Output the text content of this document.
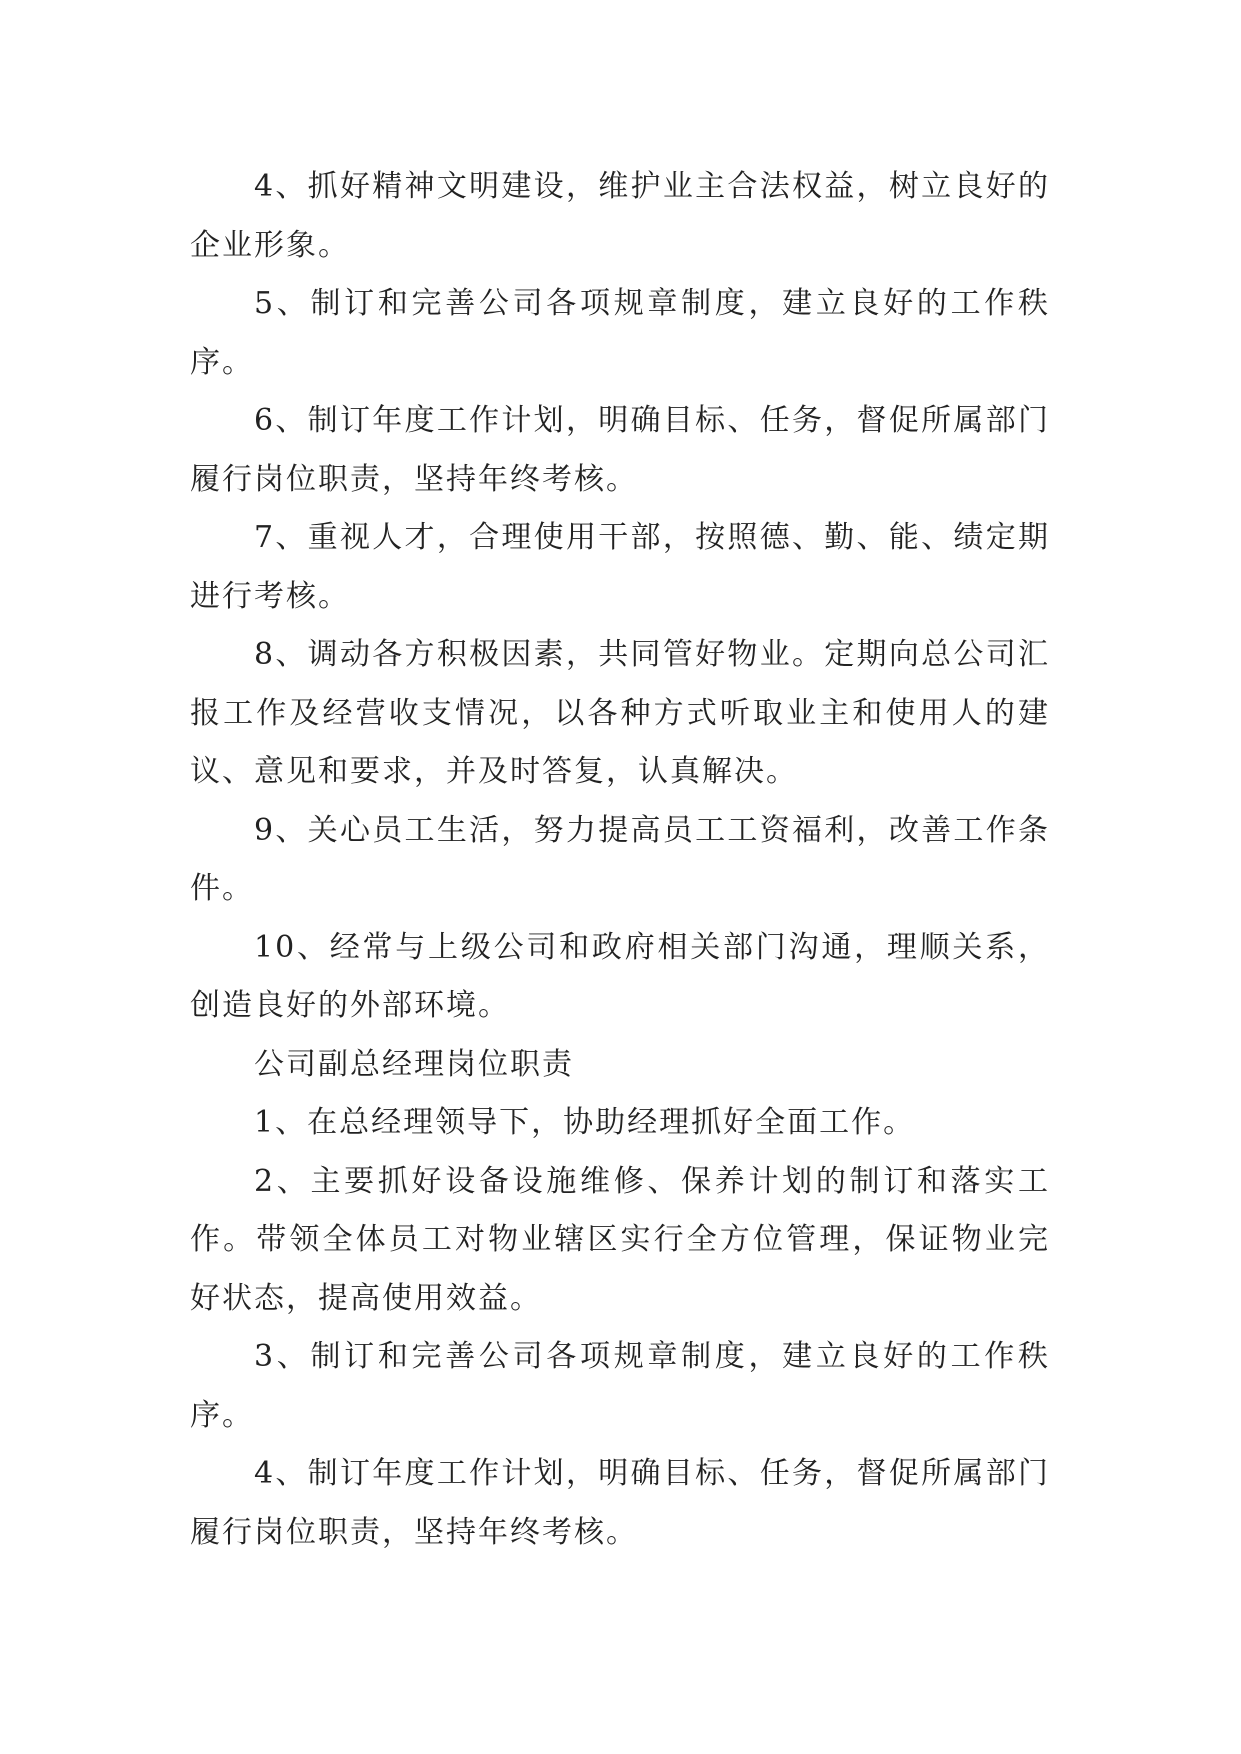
4、抓好精神文明建设，维护业主合法权益，树立良好的企业形象。

5、制订和完善公司各项规章制度，建立良好的工作秩序。

6、制订年度工作计划，明确目标、任务，督促所属部门履行岗位职责，坚持年终考核。

7、重视人才，合理使用干部，按照德、勤、能、绩定期进行考核。

8、调动各方积极因素，共同管好物业。定期向总公司汇报工作及经营收支情况，以各种方式听取业主和使用人的建议、意见和要求，并及时答复，认真解决。

9、关心员工生活，努力提高员工工资福利，改善工作条件。

10、经常与上级公司和政府相关部门沟通，理顺关系，创造良好的外部环境。

公司副总经理岗位职责

1、在总经理领导下，协助经理抓好全面工作。

2、主要抓好设备设施维修、保养计划的制订和落实工作。带领全体员工对物业辖区实行全方位管理，保证物业完好状态，提高使用效益。

3、制订和完善公司各项规章制度，建立良好的工作秩序。

4、制订年度工作计划，明确目标、任务，督促所属部门履行岗位职责，坚持年终考核。
